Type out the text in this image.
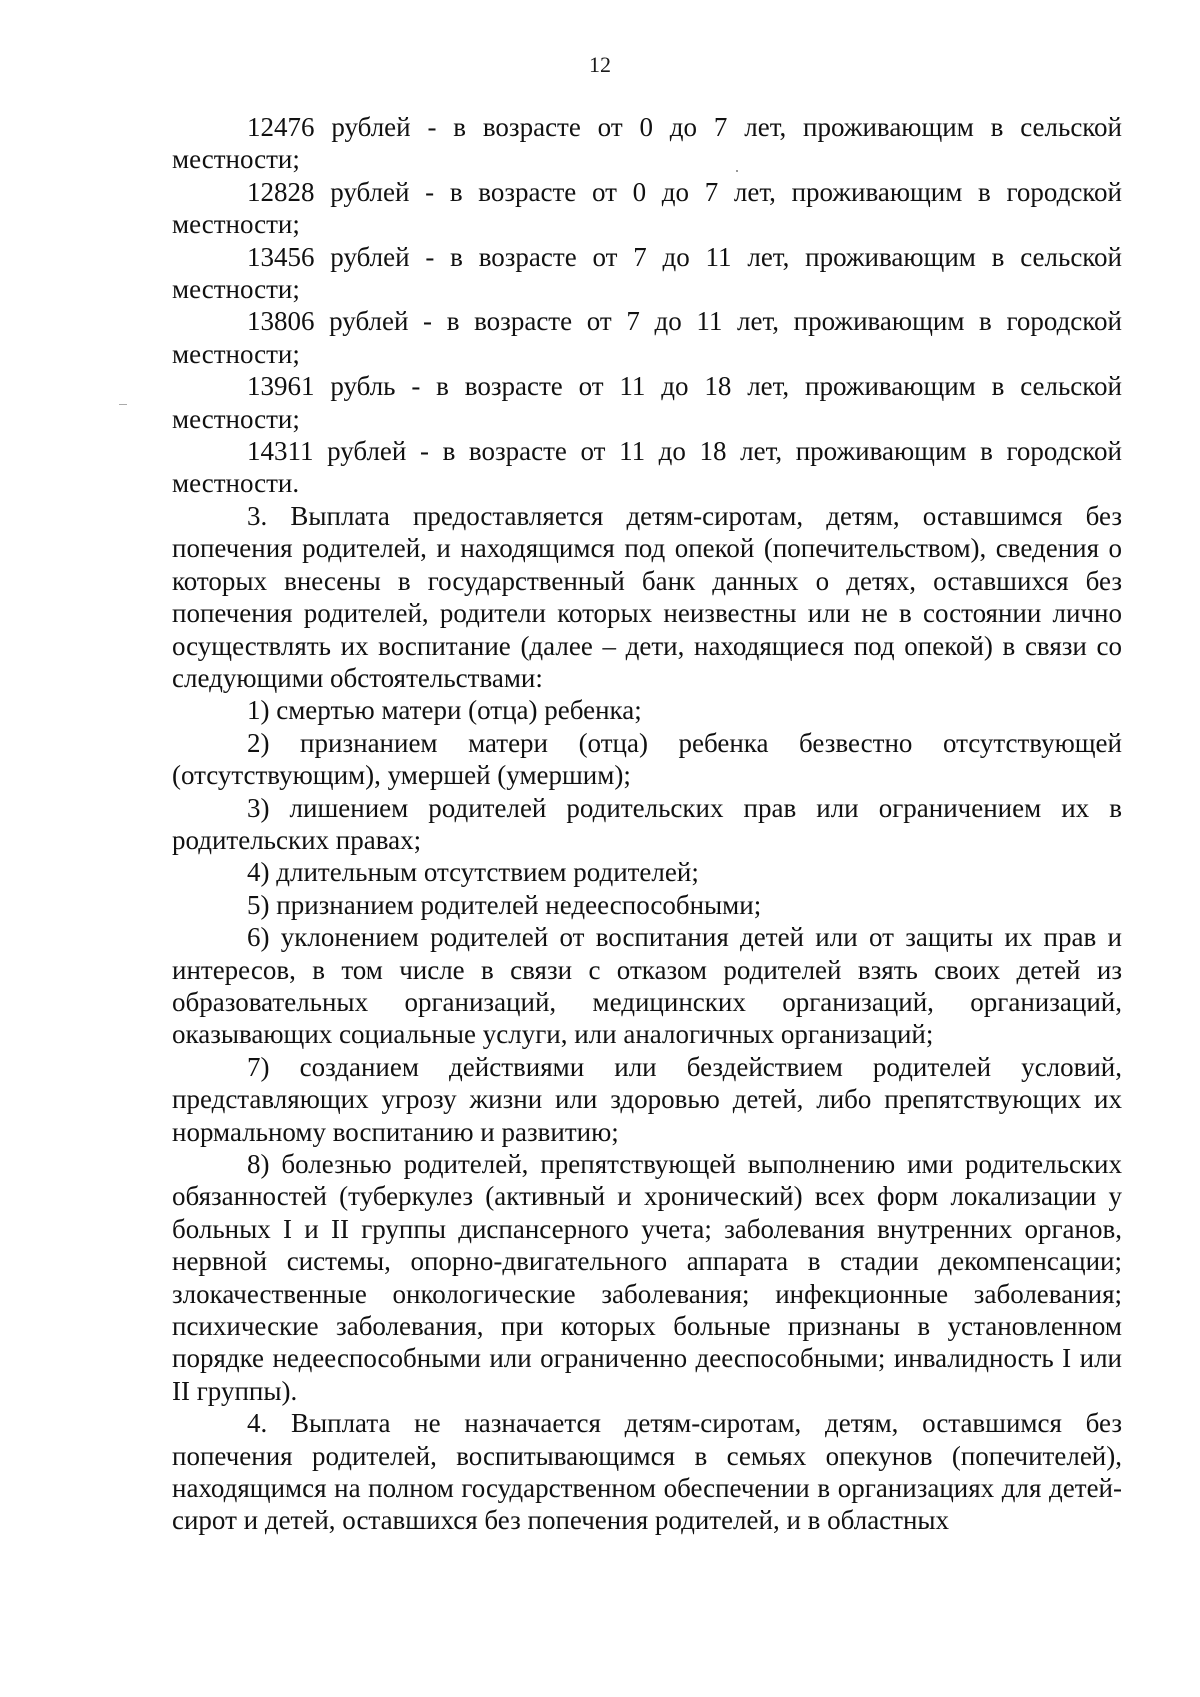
12

12476 рублей - в возрасте от 0 до 7 лет, проживающим в сельской местности;

12828 рублей - в возрасте от 0 до 7 лет, проживающим в городской местности;

13456 рублей - в возрасте от 7 до 11 лет, проживающим в сельской местности;

13806 рублей - в возрасте от 7 до 11 лет, проживающим в городской местности;

13961 рубль - в возрасте от 11 до 18 лет, проживающим в сельской местности;

14311 рублей - в возрасте от 11 до 18 лет, проживающим в городской местности.

3. Выплата предоставляется детям-сиротам, детям, оставшимся без попечения родителей, и находящимся под опекой (попечительством), сведения о которых внесены в государственный банк данных о детях, оставшихся без попечения родителей, родители которых неизвестны или не в состоянии лично осуществлять их воспитание (далее – дети, находящиеся под опекой) в связи со следующими обстоятельствами:

1) смертью матери (отца) ребенка;

2) признанием матери (отца) ребенка безвестно отсутствующей (отсутствующим), умершей (умершим);

3) лишением родителей родительских прав или ограничением их в родительских правах;

4) длительным отсутствием родителей;

5) признанием родителей недееспособными;

6) уклонением родителей от воспитания детей или от защиты их прав и интересов, в том числе в связи с отказом родителей взять своих детей из образовательных организаций, медицинских организаций, организаций, оказывающих социальные услуги, или аналогичных организаций;

7) созданием действиями или бездействием родителей условий, представляющих угрозу жизни или здоровью детей, либо препятствующих их нормальному воспитанию и развитию;

8) болезнью родителей, препятствующей выполнению ими родительских обязанностей (туберкулез (активный и хронический) всех форм локализации у больных I и II группы диспансерного учета; заболевания внутренних органов, нервной системы, опорно-двигательного аппарата в стадии декомпенсации; злокачественные онкологические заболевания; инфекционные заболевания; психические заболевания, при которых больные признаны в установленном порядке недееспособными или ограниченно дееспособными; инвалидность I или II группы).

4. Выплата не назначается детям-сиротам, детям, оставшимся без попечения родителей, воспитывающимся в семьях опекунов (попечителей), находящимся на полном государственном обеспечении в организациях для детей-сирот и детей, оставшихся без попечения родителей, и в областных
